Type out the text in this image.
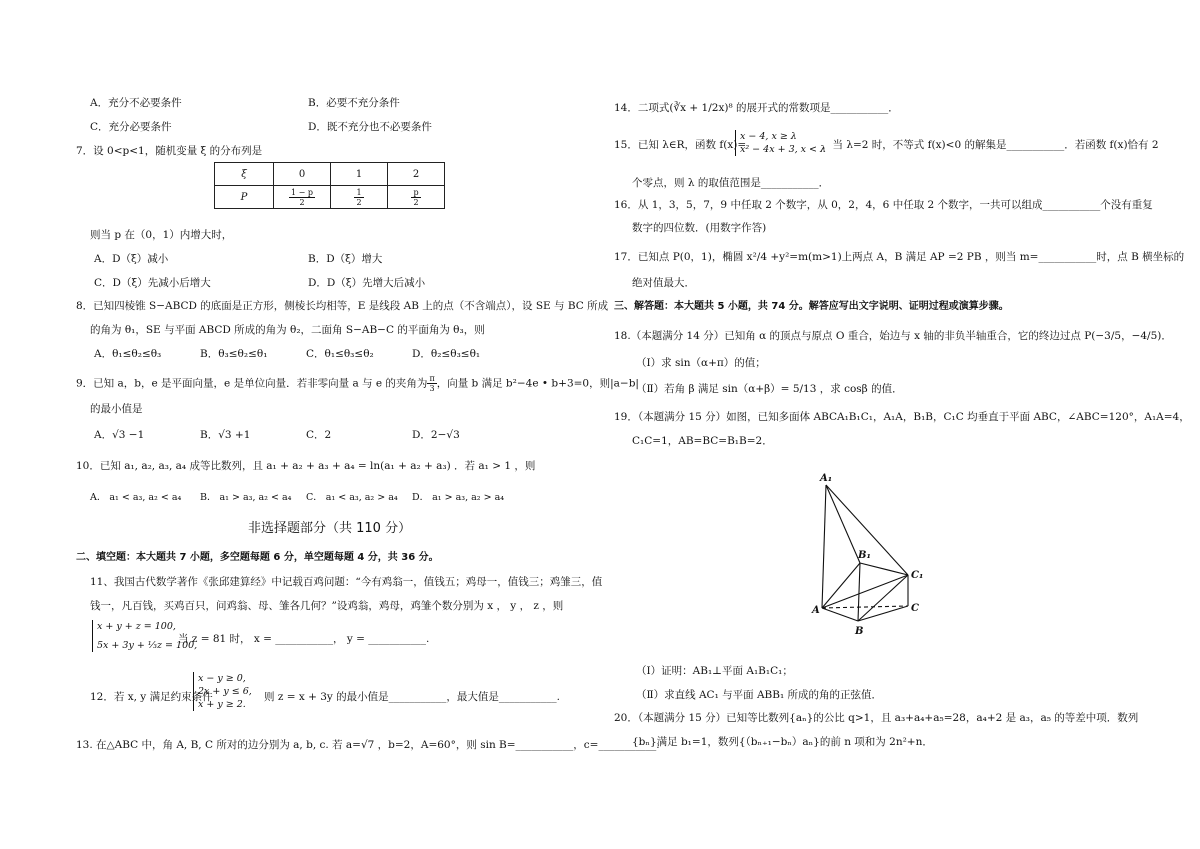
A．充分不必要条件	B．必要不充分条件
C．充分必要条件	D．既不充分也不必要条件
7．设 0<p<1，随机变量 ξ 的分布列是
ξ	0	1	2
P	$\frac{1 - p}{2}$	$\frac{1}{2}$	$\frac{p}{2}$
则当 p 在（0，1）内增大时，
A．D（ξ）减小	B．D（ξ）增大
C．D（ξ）先减小后增大	D．D（ξ）先增大后减小
8．已知四棱锥 S−ABCD 的底面是正方形，侧棱长均相等，E 是线段 AB 上的点（不含端点），设 SE 与 BC 所成
的角为 θ₁，SE 与平面 ABCD 所成的角为 θ₂，二面角 S−AB−C 的平面角为 θ₃，则
A．θ₁≤θ₂≤θ₃	B．θ₃≤θ₂≤θ₁	C．θ₁≤θ₃≤θ₂	D．θ₂≤θ₃≤θ₁
9．已知 a，b，e 是平面向量，e 是单位向量．若非零向量 a 与 e 的夹角为 $\frac{\pi}{3}$ ，向量 b 满足 b²−4e • b+3=0，则|a−b|
的最小值是
A．√3 −1	B．√3 +1	C．2	D．2−√3
10．已知 a₁, a₂, a₃, a₄ 成等比数列，且 a₁ + a₂ + a₃ + a₄ = ln(a₁ + a₂ + a₃) ．若 a₁ > 1 ，则
A． a₁ < a₃, a₂ < a₄ B． a₁ > a₃, a₂ < a₄ C． a₁ < a₃, a₂ > a₄ D． a₁ > a₃, a₂ > a₄
非选择题部分（共 110 分）
二、填空题：本大题共 7 小题，多空题每题 6 分，单空题每题 4 分，共 36 分。
11、我国古代数学著作《张邱建算经》中记载百鸡问题：“今有鸡翁一，值钱五；鸡母一，值钱三；鸡雏三，值
钱一，凡百钱，买鸡百只，问鸡翁、母、雏各几何？”设鸡翁，鸡母，鸡雏个数分别为 x ， y ， z ，则
x + y + z = 100,
5x + 3y + ⅓z = 100,
当 z = 81 时， x = ___________， y = ___________.
12．若 x, y 满足约束条件
x − y ≥ 0,
2x + y ≤ 6,
x + y ≥ 2.
则 z = x + 3y 的最小值是___________，最大值是___________.
13. 在△ABC 中，角 A, B, C 所对的边分别为 a, b, c. 若 a=√7 ，b=2，A=60°，则 sin B=___________，c=___________.
14．二项式(∛x + 1/2x)⁸ 的展开式的常数项是___________．
15．已知 λ∈R，函数 f(x)=
x − 4, x ≥ λ
x² − 4x + 3, x < λ
，当 λ=2 时，不等式 f(x)<0 的解集是___________．若函数 f(x)恰有 2
个零点，则 λ 的取值范围是___________．
16．从 1，3，5，7，9 中任取 2 个数字，从 0，2，4，6 中任取 2 个数字，一共可以组成___________个没有重复
数字的四位数．(用数字作答)
17．已知点 P(0，1)，椭圆 x²/4 +y²=m(m>1)上两点 A，B 满足 AP =2 PB ，则当 m=___________时，点 B 横坐标的
绝对值最大．
三、解答题：本大题共 5 小题，共 74 分。解答应写出文字说明、证明过程或演算步骤。
18.（本题满分 14 分）已知角 α 的顶点与原点 O 重合，始边与 x 轴的非负半轴重合，它的终边过点 P(−3/5，−4/5)．
（Ⅰ）求 sin（α+π）的值；
（Ⅱ）若角 β 满足 sin（α+β）= 5/13 ，求 cosβ 的值．
19．（本题满分 15 分）如图，已知多面体 ABCA₁B₁C₁，A₁A，B₁B，C₁C 均垂直于平面 ABC，∠ABC=120°，A₁A=4，
C₁C=1，AB=BC=B₁B=2．
A₁
B₁
C₁
A
B
C
（Ⅰ）证明：AB₁⊥平面 A₁B₁C₁；
（Ⅱ）求直线 AC₁ 与平面 ABB₁ 所成的角的正弦值．
20．（本题满分 15 分）已知等比数列{aₙ}的公比 q>1，且 a₃+a₄+a₅=28，a₄+2 是 a₃，a₅ 的等差中项．数列
{bₙ}满足 b₁=1，数列{（bₙ₊₁−bₙ）aₙ}的前 n 项和为 2n²+n．
